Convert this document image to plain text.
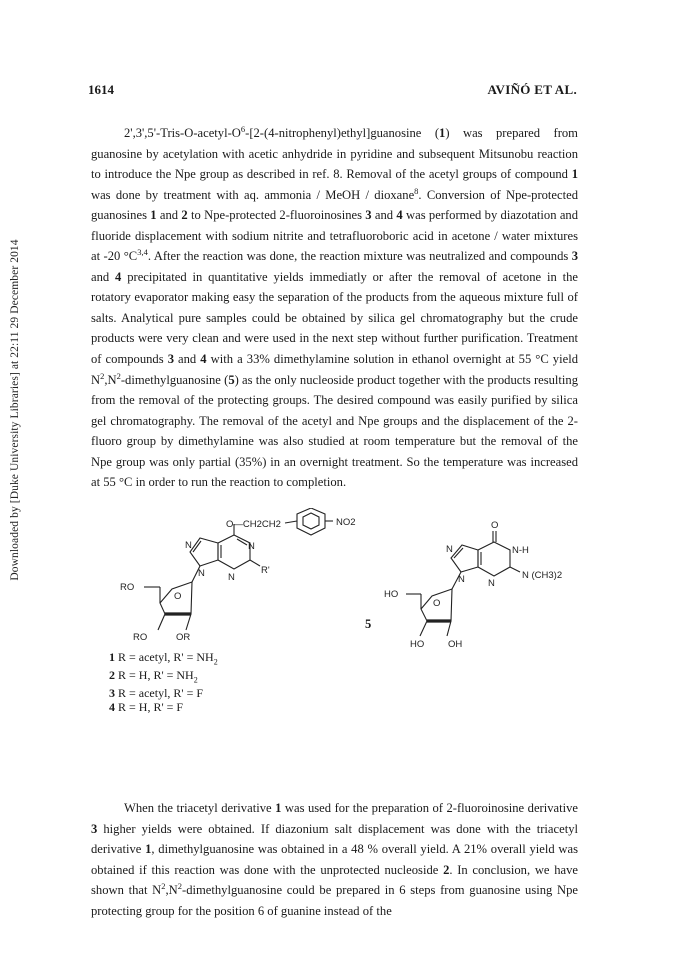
Downloaded by [Duke University Libraries] at 22:11 29 December 2014
1614	AVIÑÓ ET AL.

$2',3',5'-Tris-O-acetyl-O^6-[2-(4-nitrophenyl)ethyl]guanosine$ (1) was prepared from guanosine by acetylation with acetic anhydride in pyridine and subsequent Mitsunobu reaction to introduce the Npe group as described in ref. 8. Removal of the acetyl groups of compound 1 was done by treatment with aq. ammonia / MeOH / dioxane$^8$. Conversion of Npe-protected guanosines 1 and 2 to Npe-protected 2-fluoroinosines 3 and 4 was performed by diazotation and fluoride displacement with sodium nitrite and tetrafluoroboric acid in acetone / water mixtures at -20 $^\circ C^{3,4}$. After the reaction was done, the reaction mixture was neutralized and compounds 3 and 4 precipitated in quantitative yields immediatly or after the removal of acetone in the rotatory evaporator making easy the separation of the products from the aqueous mixture full of salts. Analytical pure samples could be obtained by silica gel chromatography but the crude products were very clean and were used in the next step without further purification. Treatment of compounds 3 and 4 with a 33% dimethylamine solution in ethanol overnight at 55 °C yield $N^2,N^2$-dimethylguanosine (5) as the only nucleoside product together with the products resulting from the removal of the protecting groups. The desired compound was easily purified by silica gel chromatography. The removal of the acetyl and Npe groups and the displacement of the 2-fluoro group by dimethylamine was also studied at room temperature but the removal of the Npe group was only partial (35%) in an overnight treatment. So the temperature was increased at 55 °C in order to run the reaction to completion.

O—CH2CH2	NO2
N	N
N
N	R'
RO
O
RO	OR
O
N	N-H
N
N	N (CH3)2
HO
O
HO	OH
5
1 R = acetyl, $R' = NH_2$
2 R = H, $R' = NH_2$
3 R = acetyl, R' = F
4 R = H, R' = F

When the triacetyl derivative 1 was used for the preparation of 2-fluoroinosine derivative 3 higher yields were obtained. If diazonium salt displacement was done with the triacetyl derivative 1, dimethylguanosine was obtained in a 48 % overall yield. A 21% overall yield was obtained if this reaction was done with the unprotected nucleoside 2. In conclusion, we have shown that $N^2,N^2$-dimethylguanosine could be prepared in 6 steps from guanosine using Npe protecting group for the position 6 of guanine instead of the
